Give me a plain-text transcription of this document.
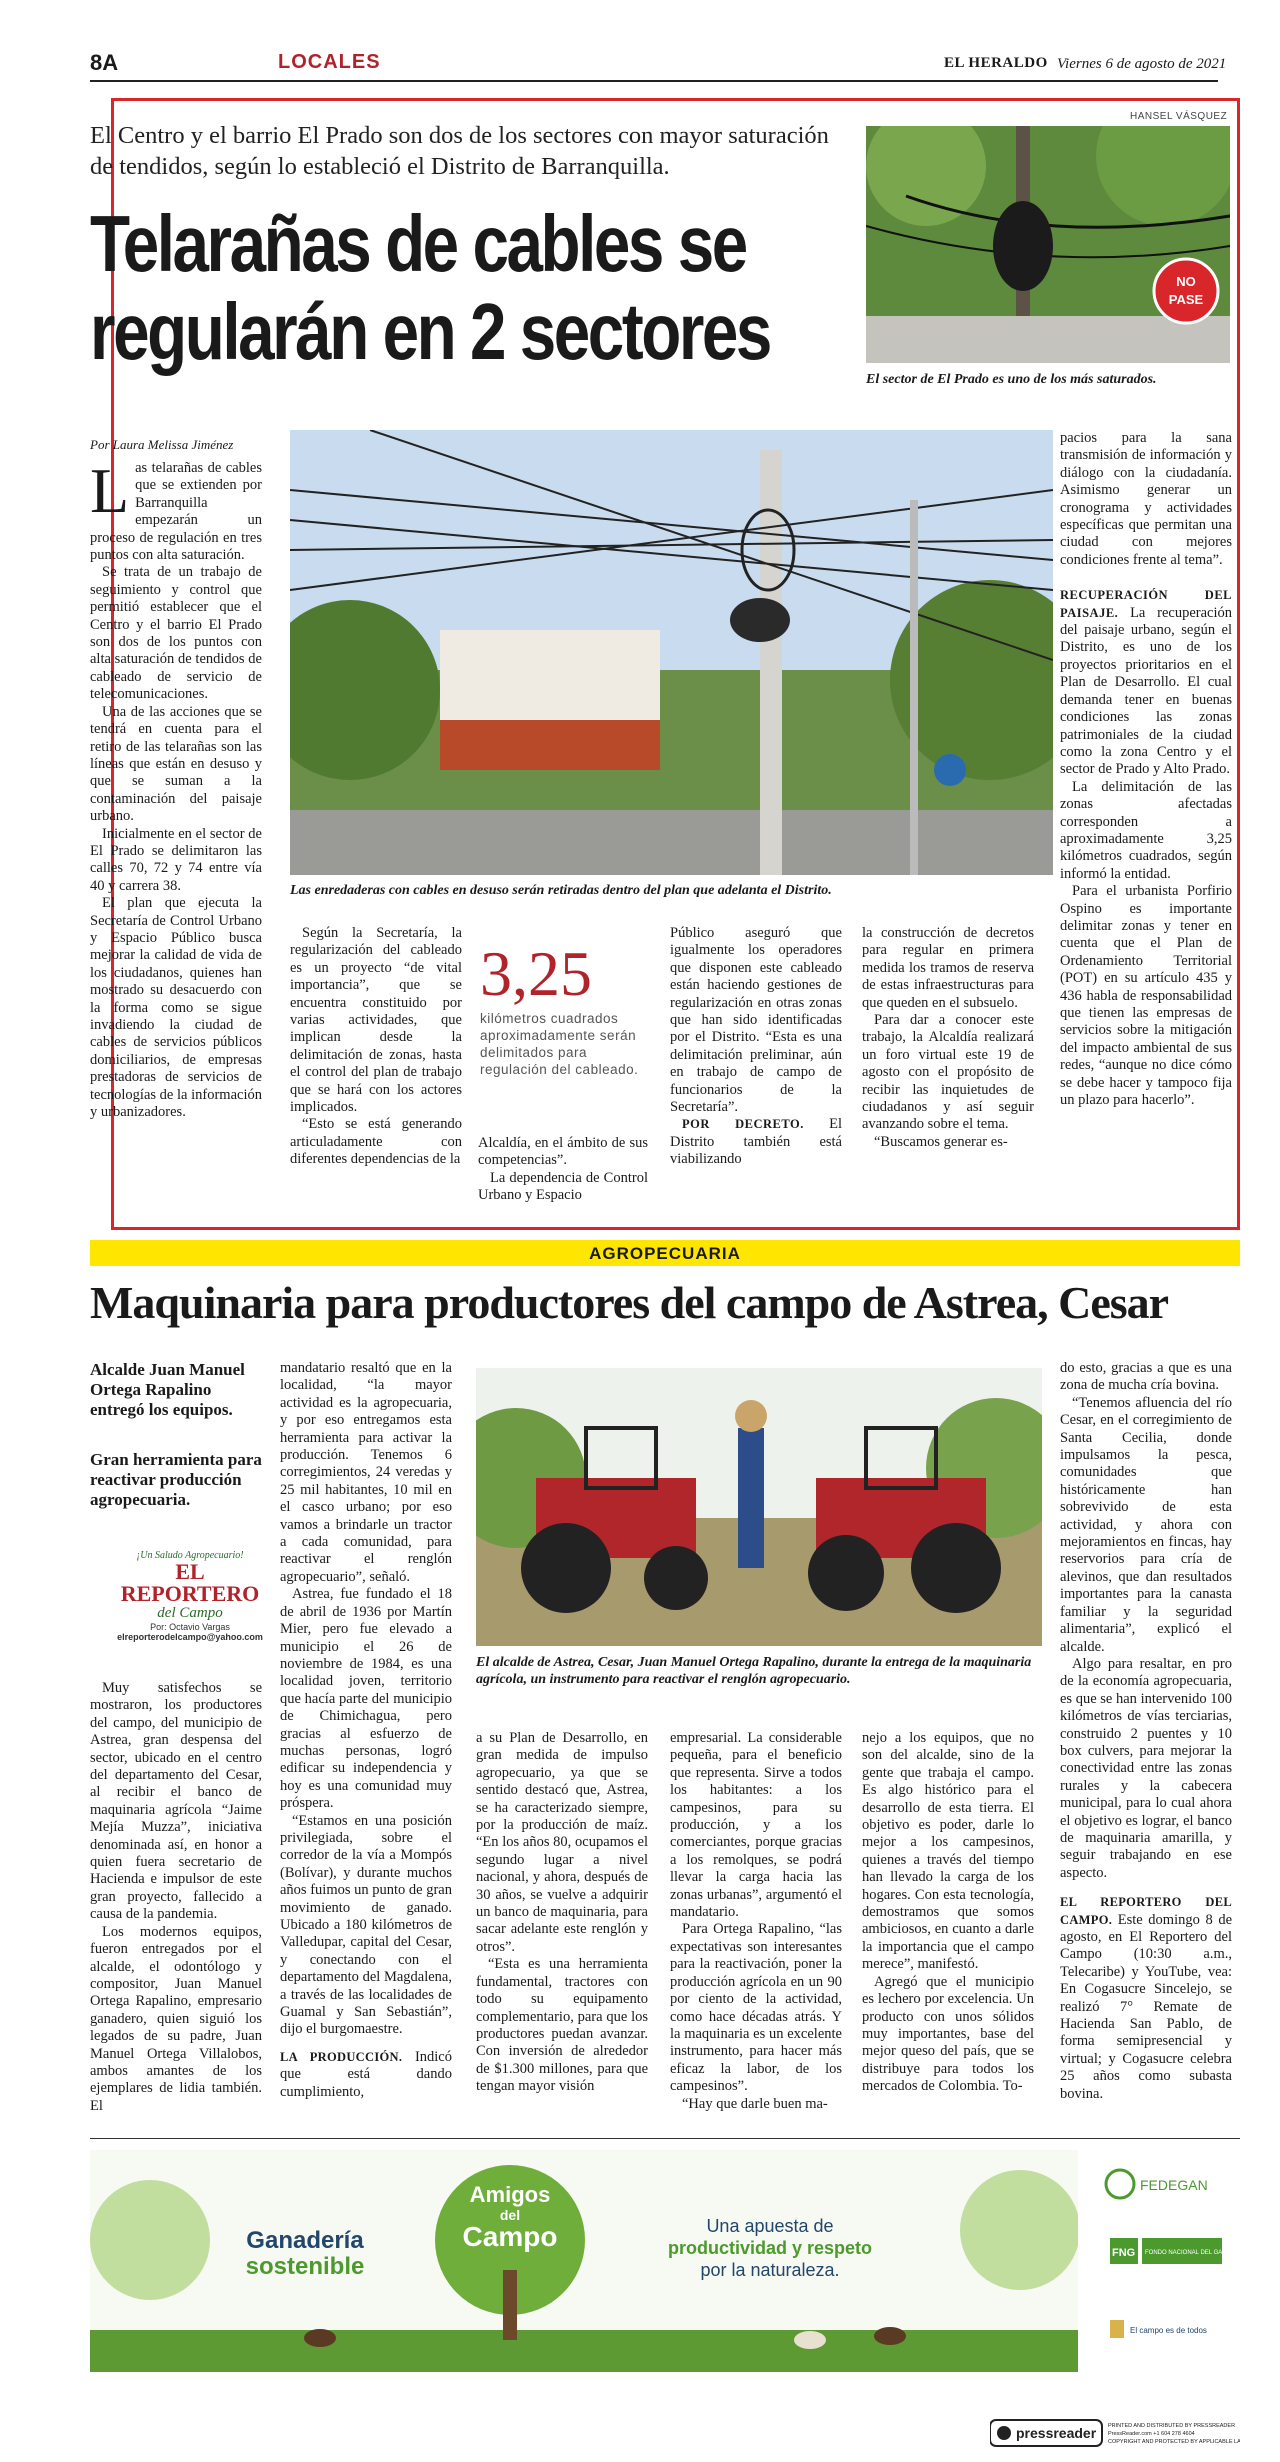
8A	LOCALES	EL HERALDO Viernes 6 de agosto de 2021
El Centro y el barrio El Prado son dos de los sectores con mayor saturación de tendidos, según lo estableció el Distrito de Barranquilla.
Telarañas de cables se
regularán en 2 sectores
HANSEL VÁSQUEZ
NO
PASE
El sector de El Prado es uno de los más saturados.
Las enredaderas con cables en desuso serán retiradas dentro del plan que adelanta el Distrito.
Por Laura Melissa Jiménez

Las telarañas de cables que se extienden por Barranquilla empezarán un proceso de regulación en tres puntos con alta saturación.

Se trata de un trabajo de seguimiento y control que permitió establecer que el Centro y el barrio El Prado son dos de los puntos con alta saturación de tendidos de cableado de servicio de telecomunicaciones.

Una de las acciones que se tendrá en cuenta para el retiro de las telarañas son las líneas que están en desuso y que se suman a la contaminación del paisaje urbano.

Inicialmente en el sector de El Prado se delimitaron las calles 70, 72 y 74 entre vía 40 y carrera 38.

El plan que ejecuta la Secretaría de Control Urbano y Espacio Público busca mejorar la calidad de vida de los ciudadanos, quienes han mostrado su desacuerdo con la forma como se sigue invadiendo la ciudad de cables de servicios públicos domiciliarios, de empresas prestadoras de servicios de tecnologías de la información y urbanizadores.

Según la Secretaría, la regularización del cableado es un proyecto “de vital importancia”, que se encuentra constituido por varias actividades, que implican desde la delimitación de zonas, hasta el control del plan de trabajo que se hará con los actores implicados.

“Esto se está generando articuladamente con diferentes dependencias de la

3,25
kilómetros cuadrados aproximadamente serán delimitados para regulación del cableado.

Alcaldía, en el ámbito de sus competencias”.

La dependencia de Control Urbano y Espacio

Público aseguró que igualmente los operadores que disponen este cableado están haciendo gestiones de regularización en otras zonas que han sido identificadas por el Distrito. “Esta es una delimitación preliminar, aún en trabajo de campo de funcionarios de la Secretaría”.

POR DECRETO. El Distrito también está viabilizando

la construcción de decretos para regular en primera medida los tramos de reserva de estas infraestructuras para que queden en el subsuelo.

Para dar a conocer este trabajo, la Alcaldía realizará un foro virtual este 19 de agosto con el propósito de recibir las inquietudes de ciudadanos y así seguir avanzando sobre el tema.

“Buscamos generar es-

pacios para la sana transmisión de información y diálogo con la ciudadanía. Asimismo generar un cronograma y actividades específicas que permitan una ciudad con mejores condiciones frente al tema”.

RECUPERACIÓN DEL PAISAJE. La recuperación del paisaje urbano, según el Distrito, es uno de los proyectos prioritarios en el Plan de Desarrollo. El cual demanda tener en buenas condiciones las zonas patrimoniales de la ciudad como la zona Centro y el sector de Prado y Alto Prado.

La delimitación de las zonas afectadas corresponden a aproximadamente 3,25 kilómetros cuadrados, según informó la entidad.

Para el urbanista Porfirio Ospino es importante delimitar zonas y tener en cuenta que el Plan de Ordenamiento Territorial (POT) en su artículo 435 y 436 habla de responsabilidad que tienen las empresas de servicios sobre la mitigación del impacto ambiental de sus redes, “aunque no dice cómo se debe hacer y tampoco fija un plazo para hacerlo”.

AGROPECUARIA
Maquinaria para productores del campo de Astrea, Cesar
Alcalde Juan Manuel Ortega Rapalino entregó los equipos.
Gran herramienta para reactivar producción agropecuaria.
¡Un Saludo Agropecuario!
EL REPORTERO
del Campo
Por: Octavio Vargas
elreporterodelcampo@yahoo.com
El alcalde de Astrea, Cesar, Juan Manuel Ortega Rapalino, durante la entrega de la maquinaria agrícola, un instrumento para reactivar el renglón agropecuario.

Muy satisfechos se mostraron, los productores del campo, del municipio de Astrea, gran despensa del sector, ubicado en el centro del departamento del Cesar, al recibir el banco de maquinaria agrícola “Jaime Mejía Muzza”, iniciativa denominada así, en honor a quien fuera secretario de Hacienda e impulsor de este gran proyecto, fallecido a causa de la pandemia.

Los modernos equipos, fueron entregados por el alcalde, el odontólogo y compositor, Juan Manuel Ortega Rapalino, empresario ganadero, quien siguió los legados de su padre, Juan Manuel Ortega Villalobos, ambos amantes de los ejemplares de lidia también. El

mandatario resaltó que en la localidad, “la mayor actividad es la agropecuaria, y por eso entregamos esta herramienta para activar la producción. Tenemos 6 corregimientos, 24 veredas y 25 mil habitantes, 10 mil en el casco urbano; por eso vamos a brindarle un tractor a cada comunidad, para reactivar el renglón agropecuario”, señaló.

Astrea, fue fundado el 18 de abril de 1936 por Martín Mier, pero fue elevado a municipio el 26 de noviembre de 1984, es una localidad joven, territorio que hacía parte del municipio de Chimichagua, pero gracias al esfuerzo de muchas personas, logró edificar su independencia y hoy es una comunidad muy próspera.

“Estamos en una posición privilegiada, sobre el corredor de la vía a Mompós (Bolívar), y durante muchos años fuimos un punto de gran movimiento de ganado. Ubicado a 180 kilómetros de Valledupar, capital del Cesar, y conectando con el departamento del Magdalena, a través de las localidades de Guamal y San Sebastián”, dijo el burgomaestre.

LA PRODUCCIÓN. Indicó que está dando cumplimiento,

a su Plan de Desarrollo, en gran medida de impulso agropecuario, ya que se sentido destacó que, Astrea, se ha caracterizado siempre, por la producción de maíz. “En los años 80, ocupamos el segundo lugar a nivel nacional, y ahora, después de 30 años, se vuelve a adquirir un banco de maquinaria, para sacar adelante este renglón y otros”.

“Esta es una herramienta fundamental, tractores con todo su equipamento complementario, para que los productores puedan avanzar. Con inversión de alrededor de $1.300 millones, para que tengan mayor visión

empresarial. La considerable pequeña, para el beneficio que representa. Sirve a todos los habitantes: a los campesinos, para su producción, y a los comerciantes, porque gracias a los remolques, se podrá llevar la carga hacia las zonas urbanas”, argumentó el mandatario.

Para Ortega Rapalino, “las expectativas son interesantes para la reactivación, poner la producción agrícola en un 90 por ciento de la actividad, como hace décadas atrás. Y la maquinaria es un excelente instrumento, para hacer más eficaz la labor, de los campesinos”.

“Hay que darle buen ma-

nejo a los equipos, que no son del alcalde, sino de la gente que trabaja el campo. Es algo histórico para el desarrollo de esta tierra. El objetivo es poder, darle lo mejor a los campesinos, quienes a través del tiempo han llevado la carga de los hogares. Con esta tecnología, demostramos que somos ambiciosos, en cuanto a darle la importancia que el campo merece”, manifestó.

Agregó que el municipio es lechero por excelencia. Un producto con unos sólidos muy importantes, base del mejor queso del país, que se distribuye para todos los mercados de Colombia. To-

do esto, gracias a que es una zona de mucha cría bovina.

“Tenemos afluencia del río Cesar, en el corregimiento de Santa Cecilia, donde impulsamos la pesca, comunidades que históricamente han sobrevivido de esta actividad, y ahora con mejoramientos en fincas, hay reservorios para cría de alevinos, que dan resultados importantes para la canasta familiar y la seguridad alimentaria”, explicó el alcalde.

Algo para resaltar, en pro de la economía agropecuaria, es que se han intervenido 100 kilómetros de vías terciarias, construido 2 puentes y 10 box culvers, para mejorar la conectividad entre las zonas rurales y la cabecera municipal, para lo cual ahora el objetivo es lograr, el banco de maquinaria amarilla, y seguir trabajando en ese aspecto.

EL REPORTERO DEL CAMPO. Este domingo 8 de agosto, en El Reportero del Campo (10:30 a.m., Telecaribe) y YouTube, vea: En Cogasucre Sincelejo, se realizó 7° Remate de Hacienda San Pablo, de forma semipresencial y virtual; y Cogasucre celebra 25 años como subasta bovina.

Ganadería
sostenible
Amigos
del
Campo	Una apuesta de
productividad y respeto
por la naturaleza.
FEDEGAN
FNG FONDO NACIONAL DEL GANADO
El campo es de todos
pressreader PRINTED AND DISTRIBUTED BY PRESSREADER
PressReader.com +1 604 278 4604
COPYRIGHT AND PROTECTED BY APPLICABLE LAW
